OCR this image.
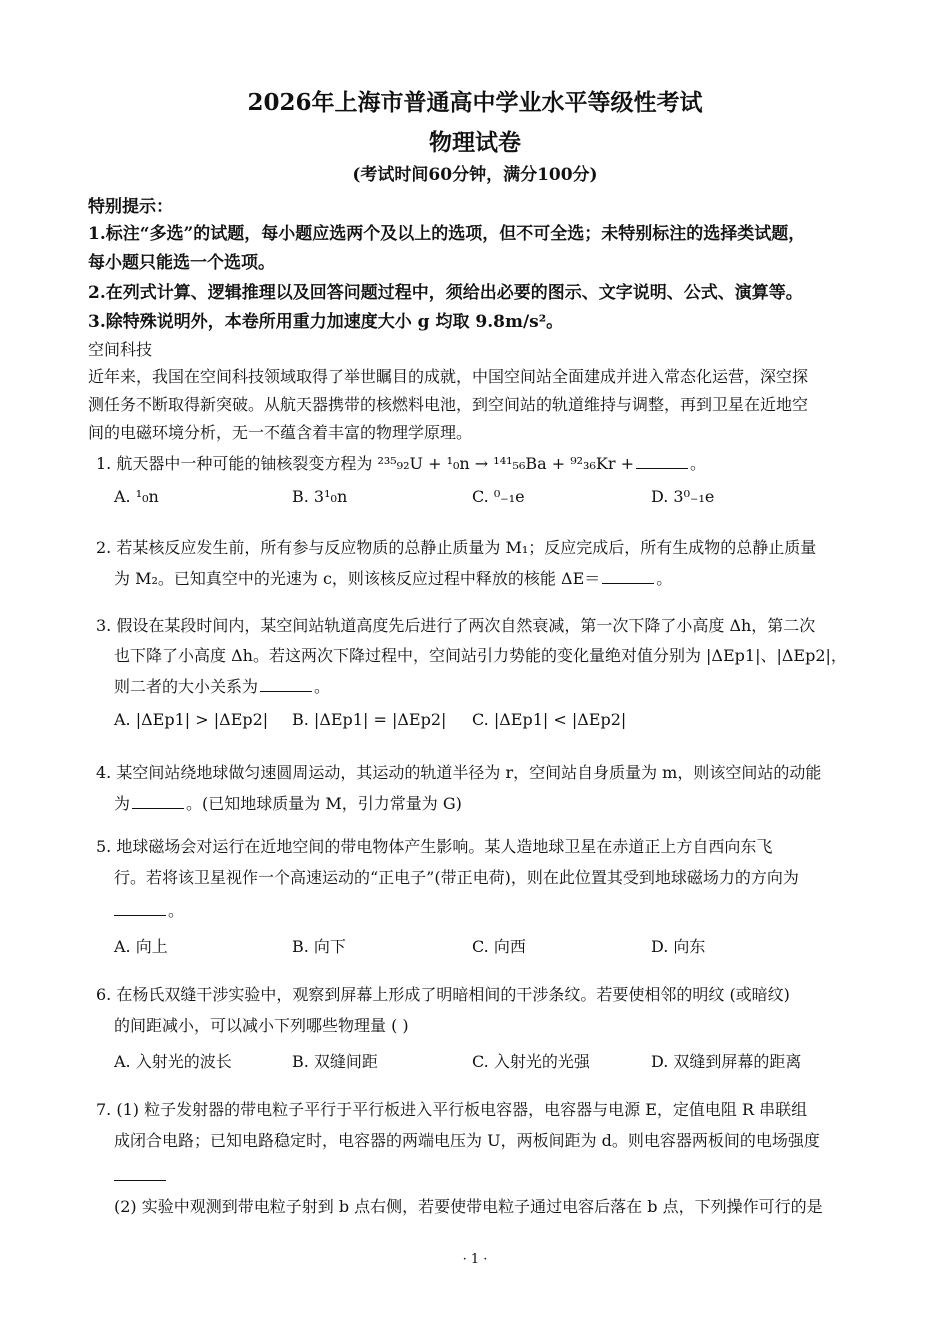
2026年上海市普通高中学业水平等级性考试
物理试卷
(考试时间60分钟，满分100分)
特别提示：
1.标注“多选”的试题，每小题应选两个及以上的选项，但不可全选；未特别标注的选择类试题，
每小题只能选一个选项。
2.在列式计算、逻辑推理以及回答问题过程中，须给出必要的图示、文字说明、公式、演算等。
3.除特殊说明外，本卷所用重力加速度大小 g 均取 9.8m/s²。
空间科技
近年来，我国在空间科技领域取得了举世瞩目的成就，中国空间站全面建成并进入常态化运营，深空探
测任务不断取得新突破。从航天器携带的核燃料电池，到空间站的轨道维持与调整，再到卫星在近地空
间的电磁环境分析，无一不蕴含着丰富的物理学原理。
1. 航天器中一种可能的铀核裂变方程为 ²³⁵₉₂U + ¹₀n → ¹⁴¹₅₆Ba + ⁹²₃₆Kr +	。
A. ¹₀n	B. 3¹₀n	C. ⁰₋₁e	D. 3⁰₋₁e
2. 若某核反应发生前，所有参与反应物质的总静止质量为 M₁；反应完成后，所有生成物的总静止质量
为 M₂。已知真空中的光速为 c，则该核反应过程中释放的核能 ΔE＝	。
3. 假设在某段时间内，某空间站轨道高度先后进行了两次自然衰减，第一次下降了小高度 Δh，第二次
也下降了小高度 Δh。若这两次下降过程中，空间站引力势能的变化量绝对值分别为 |ΔEp1|、|ΔEp2|，
则二者的大小关系为	。
A. |ΔEp1| > |ΔEp2| B. |ΔEp1| = |ΔEp2| C. |ΔEp1| < |ΔEp2|
4. 某空间站绕地球做匀速圆周运动，其运动的轨道半径为 r，空间站自身质量为 m，则该空间站的动能
为	。(已知地球质量为 M，引力常量为 G)
5. 地球磁场会对运行在近地空间的带电物体产生影响。某人造地球卫星在赤道正上方自西向东飞
行。若将该卫星视作一个高速运动的“正电子”(带正电荷)，则在此位置其受到地球磁场力的方向为
。
A. 向上	B. 向下	C. 向西	D. 向东
6. 在杨氏双缝干涉实验中，观察到屏幕上形成了明暗相间的干涉条纹。若要使相邻的明纹 (或暗纹)
的间距减小，可以减小下列哪些物理量 ( )
A. 入射光的波长	B. 双缝间距	C. 入射光的光强	D. 双缝到屏幕的距离
7. (1) 粒子发射器的带电粒子平行于平行板进入平行板电容器，电容器与电源 E，定值电阻 R 串联组
成闭合电路；已知电路稳定时，电容器的两端电压为 U，两板间距为 d。则电容器两板间的电场强度
(2) 实验中观测到带电粒子射到 b 点右侧，若要使带电粒子通过电容后落在 b 点，下列操作可行的是
· 1 ·
